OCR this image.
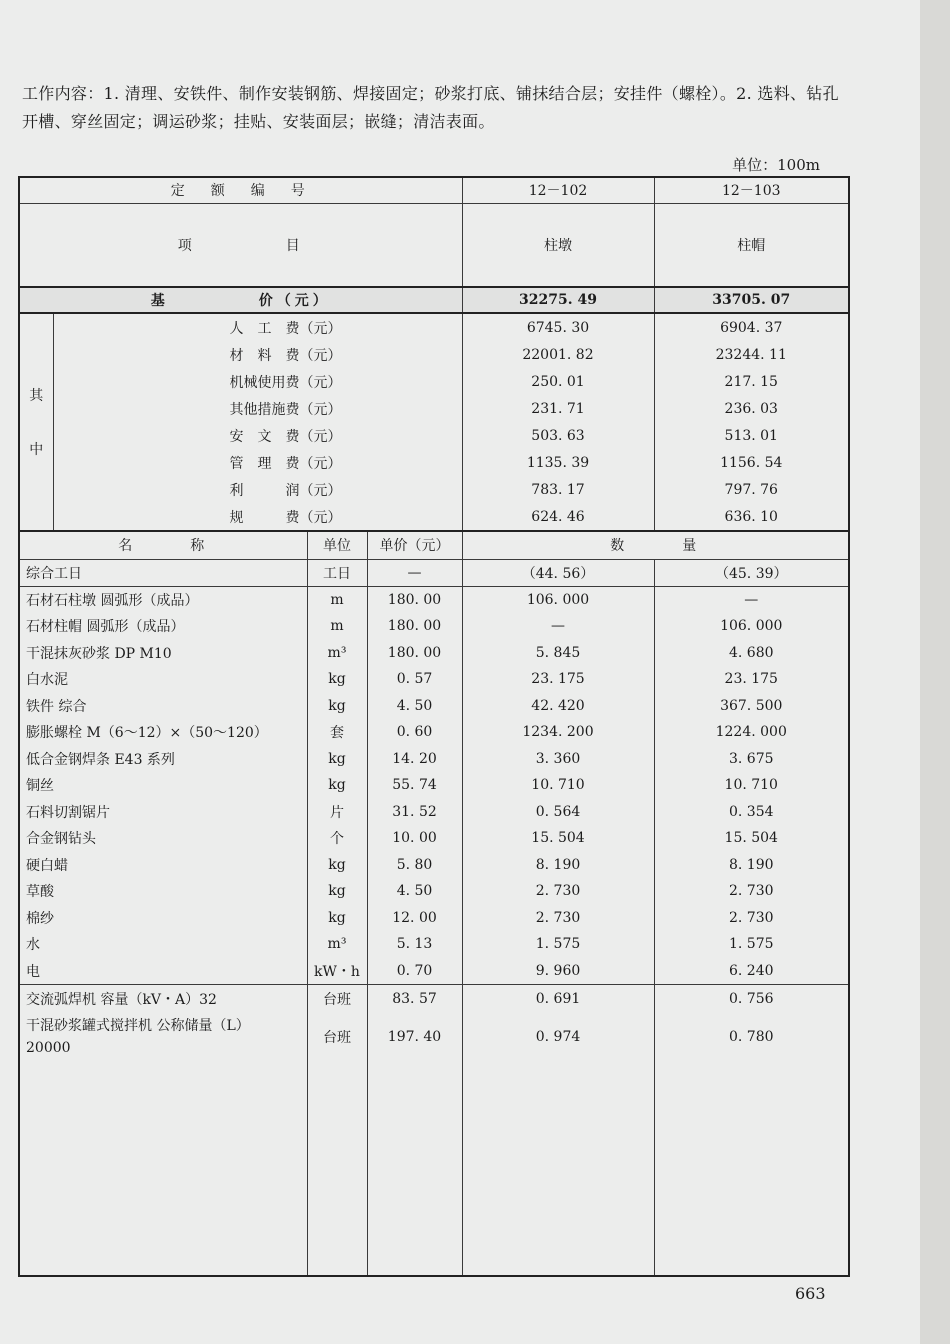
工作内容：1. 清理、安铁件、制作安装钢筋、焊接固定；砂浆打底、铺抹结合层；安挂件（螺栓）。2. 选料、钻孔开槽、穿丝固定；调运砂浆；挂贴、安装面层；嵌缝；清洁表面。
单位：100m
定　额　编　号				12－102	12－103
项　　　　　目				柱墩	柱帽
基　　　　　价（元）				32275. 49	33705. 07

其
中	人　工　费（元）			6745. 30	6904. 37
	材　料　费（元）			22001. 82	23244. 11
	机械使用费（元）			250. 01	217. 15
	其他措施费（元）			231. 71	236. 03
	安　文　费（元）			503. 63	513. 01
	管　理　费（元）			1135. 39	1156. 54
	利　　　润（元）			783. 17	797. 76
	规　　　费（元）			624. 46	636. 10
名　　　称		单位	单价（元）	数　　　量	
综合工日		工日	—	（44. 56）	（45. 39）
石材石柱墩 圆弧形（成品）		m	180. 00	106. 000	—
石材柱帽 圆弧形（成品）		m	180. 00	—	106. 000
干混抹灰砂浆 DP M10		m³	180. 00	5. 845	4. 680
白水泥		kg	0. 57	23. 175	23. 175
铁件 综合		kg	4. 50	42. 420	367. 500
膨胀螺栓 M（6～12）×（50～120）		套	0. 60	1234. 200	1224. 000
低合金钢焊条 E43 系列		kg	14. 20	3. 360	3. 675
铜丝		kg	55. 74	10. 710	10. 710
石料切割锯片		片	31. 52	0. 564	0. 354
合金钢钻头		个	10. 00	15. 504	15. 504
硬白蜡		kg	5. 80	8. 190	8. 190
草酸		kg	4. 50	2. 730	2. 730
棉纱		kg	12. 00	2. 730	2. 730
水		m³	5. 13	1. 575	1. 575
电		kW・h	0. 70	9. 960	6. 240
交流弧焊机 容量（kV・A）32		台班	83. 57	0. 691	0. 756
干混砂浆罐式搅拌机 公称储量（L）20000		台班	197. 40	0. 974	0. 780

663
